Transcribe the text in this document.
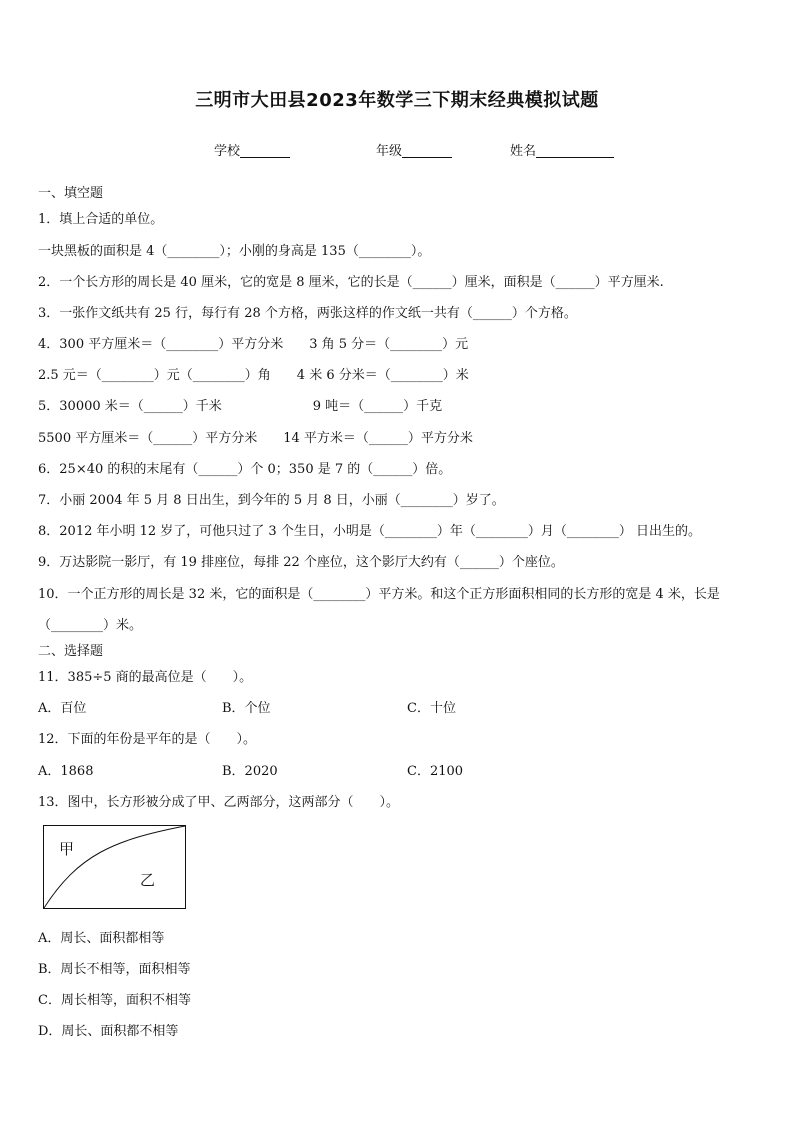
三明市大田县2023年数学三下期末经典模拟试题
学校	年级	姓名
一、填空题
1．填上合适的单位。
一块黑板的面积是 4（________）；小刚的身高是 135（________）。
2．一个长方形的周长是 40 厘米，它的宽是 8 厘米，它的长是（______）厘米，面积是（______）平方厘米.
3．一张作文纸共有 25 行，每行有 28 个方格，两张这样的作文纸一共有（______）个方格。
4．300 平方厘米＝（________）平方分米　　3 角 5 分＝（________）元
2.5 元＝（________）元（________）角　　4 米 6 分米＝（________）米
5．30000 米＝（______）千米　　　　　　　9 吨＝（______）千克
5500 平方厘米＝（______）平方分米　　14 平方米＝（______）平方分米
6．25×40 的积的末尾有（______）个 0；350 是 7 的（______）倍。
7．小丽 2004 年 5 月 8 日出生，到今年的 5 月 8 日，小丽（________）岁了。
8．2012 年小明 12 岁了，可他只过了 3 个生日，小明是（________）年（________）月（________） 日出生的。
9．万达影院一影厅，有 19 排座位，每排 22 个座位，这个影厅大约有（______）个座位。
10．一个正方形的周长是 32 米，它的面积是（________）平方米。和这个正方形面积相同的长方形的宽是 4 米，长是
（________）米。
二、选择题
11．385÷5 商的最高位是（　　）。
A．百位	B．个位	C．十位
12．下面的年份是平年的是（　　）。
A．1868	B．2020	C．2100
13．图中，长方形被分成了甲、乙两部分，这两部分（　　）。
甲
乙
A．周长、面积都相等
B．周长不相等，面积相等
C．周长相等，面积不相等
D．周长、面积都不相等
